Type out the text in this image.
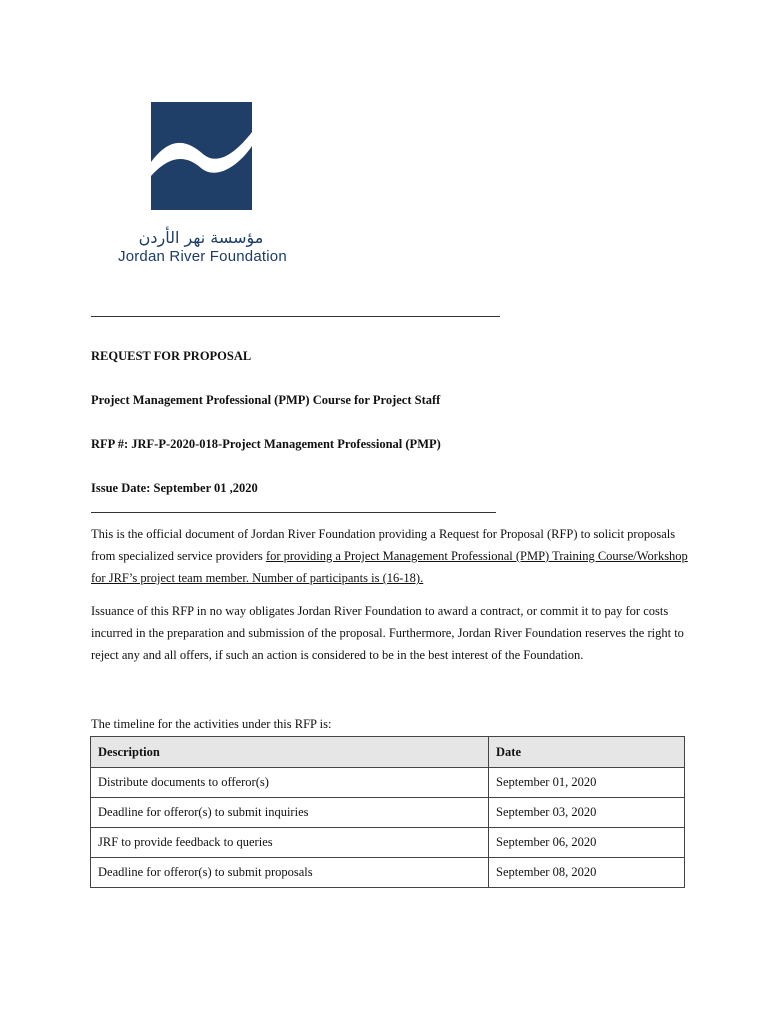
مؤسسة نهر الأردن
Jordan River Foundation
REQUEST FOR PROPOSAL
Project Management Professional (PMP) Course for Project Staff
RFP #: JRF-P-2020-018-Project Management Professional (PMP)
Issue Date: September 01 ,2020
This is the official document of Jordan River Foundation providing a Request for Proposal (RFP) to solicit proposals from specialized service providers for providing a Project Management Professional (PMP) Training Course/Workshop for JRF’s project team member. Number of participants is (16-18).
Issuance of this RFP in no way obligates Jordan River Foundation to award a contract, or commit it to pay for costs incurred in the preparation and submission of the proposal. Furthermore, Jordan River Foundation reserves the right to reject any and all offers, if such an action is considered to be in the best interest of the Foundation.
The timeline for the activities under this RFP is:
Description	Date
Distribute documents to offeror(s)	September 01, 2020
Deadline for offeror(s) to submit inquiries	September 03, 2020
JRF to provide feedback to queries	September 06, 2020
Deadline for offeror(s) to submit proposals	September 08, 2020
